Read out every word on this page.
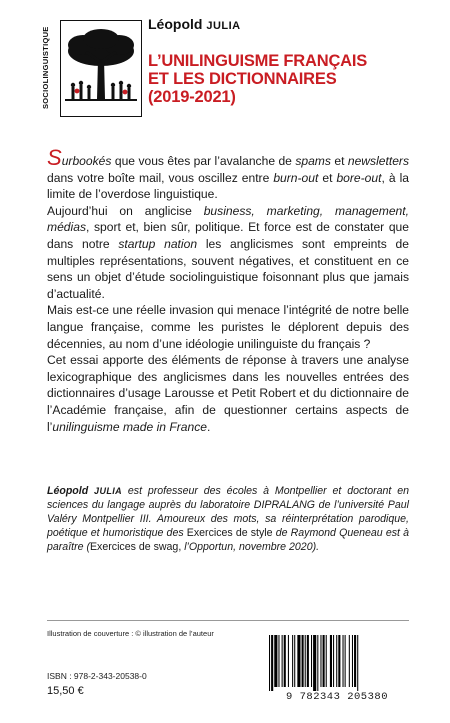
SOCIOLINGUISTIQUE
Léopold JULIA
L’UNILINGUISME FRANÇAIS
ET LES DICTIONNAIRES
(2019-2021)

Surbookés que vous êtes par l’avalanche de spams et newsletters dans votre boîte mail, vous oscillez entre burn-out et bore-out, à la limite de l’overdose linguistique.

Aujourd’hui on anglicise business, marketing, management, médias, sport et, bien sûr, politique. Et force est de constater que dans notre startup nation les anglicismes sont empreints de multiples représentations, souvent négatives, et constituent en ce sens un objet d’étude sociolinguistique foisonnant plus que jamais d’actualité.

Mais est-ce une réelle invasion qui menace l’intégrité de notre belle langue française, comme les puristes le déplorent depuis des décennies, au nom d’une idéologie unilinguiste du français ?

Cet essai apporte des éléments de réponse à travers une analyse lexicographique des anglicismes dans les nouvelles entrées des dictionnaires d’usage Larousse et Petit Robert et du dictionnaire de l’Académie française, afin de questionner certains aspects de l’unilinguisme made in France.

Léopold JULIA est professeur des écoles à Montpellier et doctorant en sciences du langage auprès du laboratoire DIPRALANG de l’université Paul Valéry Montpellier III. Amoureux des mots, sa réinterprétation parodique, poétique et humoristique des Exercices de style de Raymond Queneau est à paraître (Exercices de swag, l’Opportun, novembre 2020).
Illustration de couverture : © illustration de l’auteur
ISBN : 978-2-343-20538-0
15,50 €	9 782343 205380
